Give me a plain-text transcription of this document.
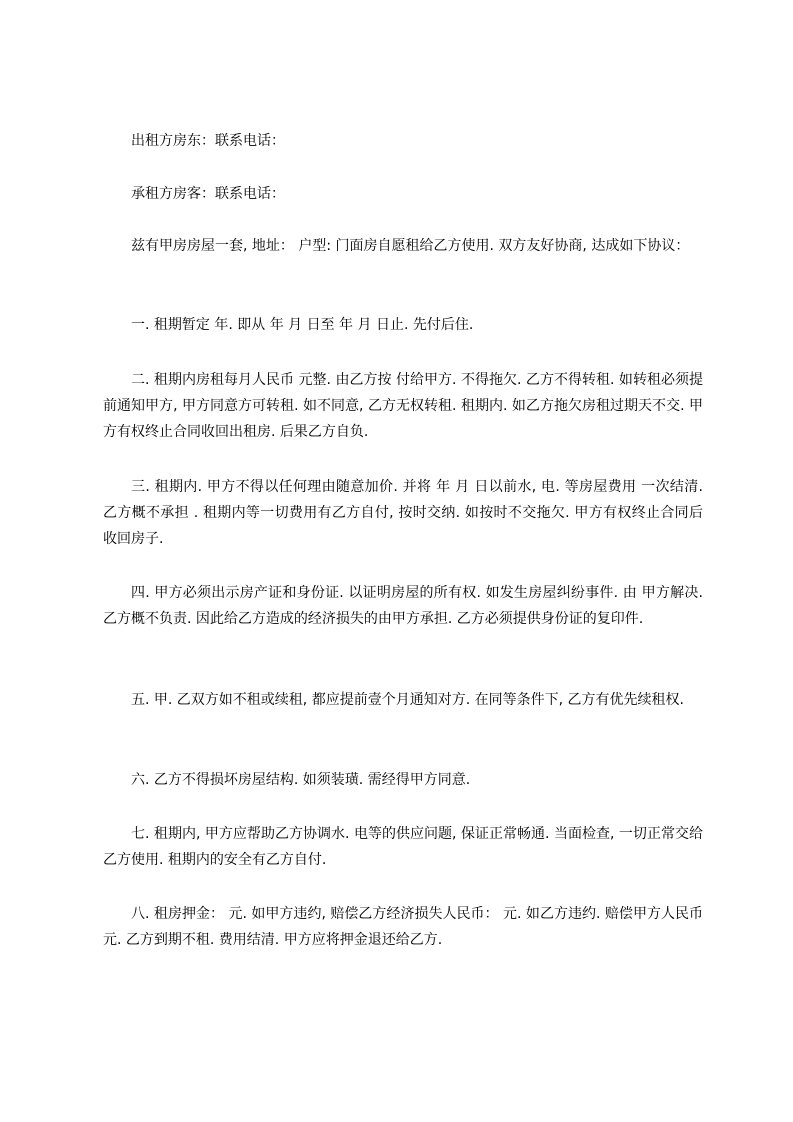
出租方房东：联系电话：

承租方房客：联系电话：

兹有甲房房屋一套, 地址： 户型: 门面房自愿租给乙方使用. 双方友好协商, 达成如下协议：

一. 租期暂定 年. 即从 年 月 日至 年 月 日止. 先付后住.

二. 租期内房租每月人民币 元整. 由乙方按 付给甲方. 不得拖欠. 乙方不得转租. 如转租必须提前通知甲方, 甲方同意方可转租. 如不同意, 乙方无权转租. 租期内. 如乙方拖欠房租过期天不交. 甲方有权终止合同收回出租房. 后果乙方自负.

三. 租期内. 甲方不得以任何理由随意加价. 并将 年 月 日以前水, 电. 等房屋费用 一次结清. 乙方概不承担 . 租期内等一切费用有乙方自付, 按时交纳. 如按时不交拖欠. 甲方有权终止合同后收回房子.

四. 甲方必须出示房产证和身份证. 以证明房屋的所有权. 如发生房屋纠纷事件. 由 甲方解决. 乙方概不负责. 因此给乙方造成的经济损失的由甲方承担. 乙方必须提供身份证的复印件.

五. 甲. 乙双方如不租或续租, 都应提前壹个月通知对方. 在同等条件下, 乙方有优先续租权.

六. 乙方不得损坏房屋结构. 如须装璜. 需经得甲方同意.

七. 租期内, 甲方应帮助乙方协调水. 电等的供应问题, 保证正常畅通. 当面检查, 一切正常交给乙方使用. 租期内的安全有乙方自付.

八. 租房押金： 元. 如甲方违约, 赔偿乙方经济损失人民币： 元. 如乙方违约. 赔偿甲方人民币 元. 乙方到期不租. 费用结清. 甲方应将押金退还给乙方.
